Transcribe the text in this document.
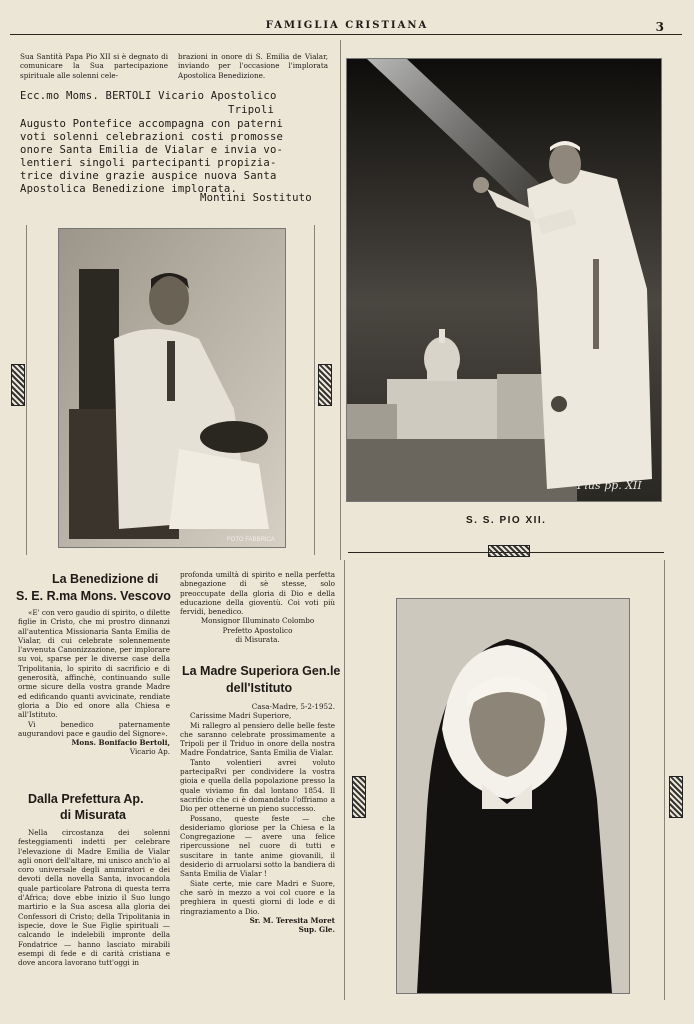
FAMIGLIA CRISTIANA	3

Sua Santità Papa Pio XII si è degnato di comunicare la Sua partecipazione spirituale alle solenni cele-

brazioni in onore di S. Emilia de Vialar, inviando per l'occasione l'implorata Apostolica Benedizione.

Ecc.mo Moms. BERTOLI Vicario Apostolico
Tripoli
Augusto Pontefice accompagna con paterni
voti solenni celebrazioni costi promosse
onore Santa Emilia de Vialar e invia vo-
lentieri singoli partecipanti propizia-
trice divine grazie auspice nuova Santa
Apostolica Benedizione implorata.
Montini Sostituto
FOTO FABBRICA
Pius pp. XII
S. S. PIO XII.
La Benedizione di
S. E. R.ma Mons. Vescovo

«E' con vero gaudio di spirito, o dilette figlie in Cristo, che mi prostro dinnanzi all'autentica Missionaria Santa Emilia de Vialar, di cui celebrate solennemente l'avvenuta Canonizzazione, per implorare su voi, sparse per le diverse case della Tripolitania, lo spirito di sacrificio e di generosità, affinchè, continuando sulle orme sicure della vostra grande Madre ed edificando quanti avvicinate, rendiate gloria a Dio ed onore alla Chiesa e all'Istituto.

Vi benedico paternamente augurandovi pace e gaudio del Signore».

Mons. Bonifacio Bertoli,

Vicario Ap.

Dalla Prefettura Ap.
di Misurata

Nella circostanza dei solenni festeggiamenti indetti per celebrare l'elevazione di Madre Emilia de Vialar agli onori dell'altare, mi unisco anch'io al coro universale degli ammiratori e dei devoti della novella Santa, invocandola quale particolare Patrona di questa terra d'Africa; dove ebbe inizio il Suo lungo martirio e la Sua ascesa alla gloria dei Confessori di Cristo; della Tripolitania in ispecie, dove le Sue Figlie spirituali — calcando le indelebili impronte della Fondatrice — hanno lasciato mirabili esempi di fede e di carità cristiana e dove ancora lavorano tutt'oggi in

profonda umiltà di spirito e nella perfetta abnegazione di sè stesse, solo preoccupate della gloria di Dio e della educazione della gioventù. Coi voti più fervidi, benedico.

Monsignor Illuminato Colombo

Prefetto Apostolico

di Misurata.

La Madre Superiora Gen.le
dell'Istituto

Casa-Madre, 5-2-1952.

Carissime Madri Superiore,

Mi rallegro al pensiero delle belle feste che saranno celebrate prossimamente a Tripoli per il Triduo in onore della nostra Madre Fondatrice, Santa Emilia de Vialar.

Tanto volentieri avrei voluto partecipaRvi per condividere la vostra gioia e quella della popolazione presso la quale viviamo fin dal lontano 1854. Il sacrificio che ci è domandato l'offriamo a Dio per ottenerne un pieno successo.

Possano, queste feste — che desideriamo gloriose per la Chiesa e la Congregazione — avere una felice ripercussione nel cuore di tutti e suscitare in tante anime giovanili, il desiderio di arruolarsi sotto la bandiera di Santa Emilia de Vialar !

Siate certe, mie care Madri e Suore, che sarò in mezzo a voi col cuore e la preghiera in questi giorni di lode e di ringraziamento a Dio.

Sr. M. Teresita Moret

Sup. Gle.
